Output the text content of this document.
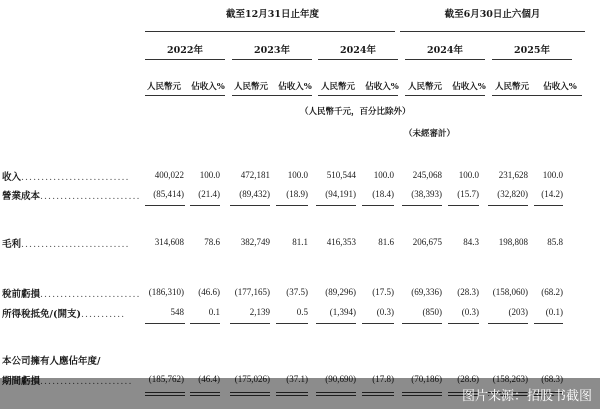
截至12月31日止年度	截至6月30日止六個月
2022年	2023年	2024年	2024年	2025年
人民幣元	佔收入%	人民幣元	佔收入%	人民幣元	佔收入%	人民幣元	佔收入%	人民幣元	佔收入%
（人民幣千元，百分比除外）
（未經審計）
收入...........................	400,022	100.0	472,181	100.0	510,544	100.0	245,068	100.0	231,628	100.0
營業成本.........................	(85,414)	(21.4)	(89,432)	(18.9)	(94,191)	(18.4)	(38,393)	(15.7)	(32,820)	(14.2)
毛利...........................	314,608	78.6	382,749	81.1	416,353	81.6	206,675	84.3	198,808	85.8
稅前虧損......................... (186,310)	(46.6)	(177,165)	(37.5)	(89,296)	(17.5)	(69,336)	(28.3)	(158,060)	(68.2)
所得稅抵免/(開支)...........	548	0.1	2,139	0.5	(1,394)	(0.3)	(850)	(0.3)	(203)	(0.1)
本公司擁有人應佔年度/
期間虧損.......................	(185,762)	(46.4)	(175,026)	(37.1)	(90,690)	(17.8)	(70,186)	(28.6)	(158,263)	(68.3)
图片来源：招股书截图
